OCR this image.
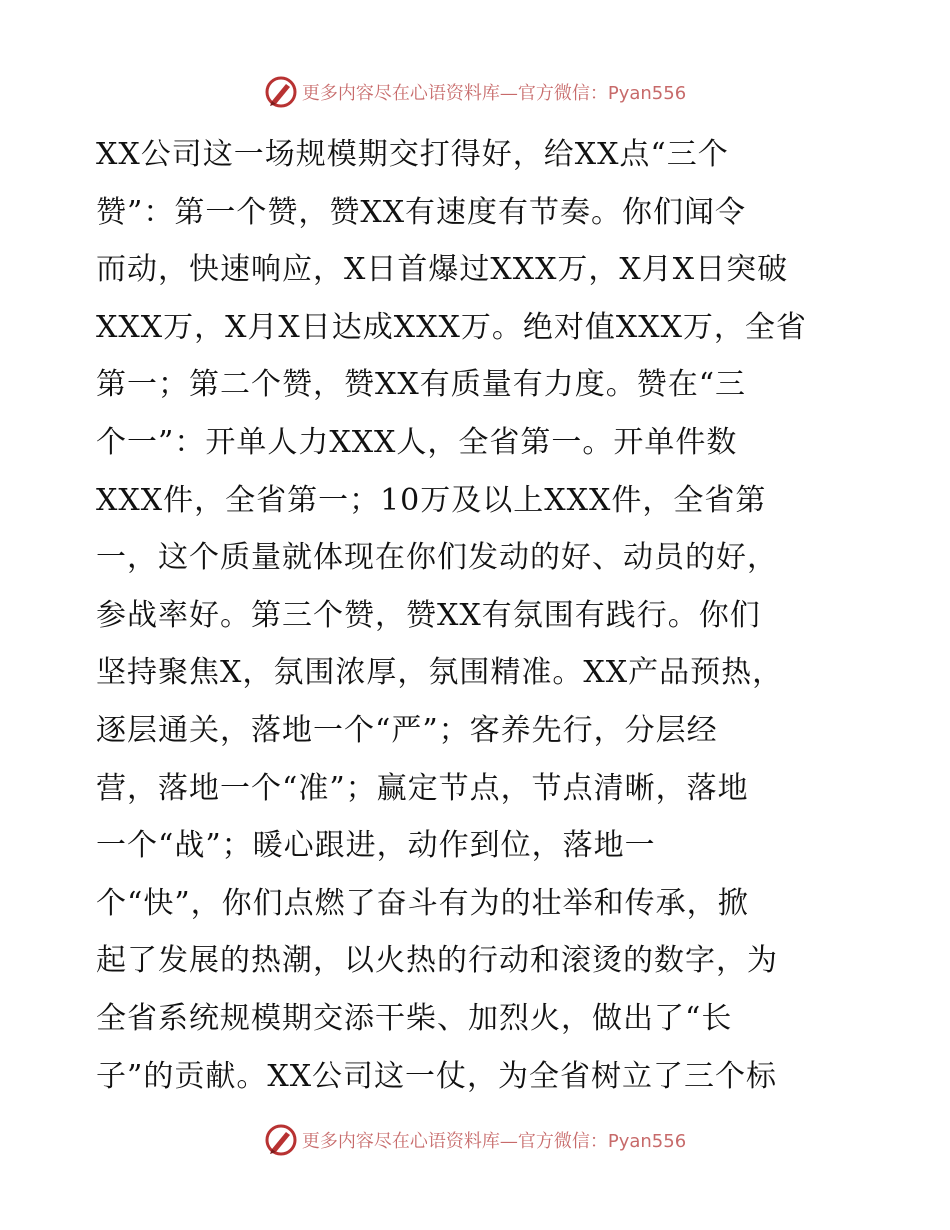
更多内容尽在心语资料库—官方微信：Pyan556
XX公司这一场规模期交打得好，给XX点“三个
赞”：第一个赞，赞XX有速度有节奏。你们闻令
而动，快速响应，X日首爆过XXX万，X月X日突破
XXX万，X月X日达成XXX万。绝对值XXX万，全省
第一；第二个赞，赞XX有质量有力度。赞在“三
个一”：开单人力XXX人，全省第一。开单件数
XXX件，全省第一；10万及以上XXX件，全省第
一，这个质量就体现在你们发动的好、动员的好，
参战率好。第三个赞，赞XX有氛围有践行。你们
坚持聚焦X，氛围浓厚，氛围精准。XX产品预热，
逐层通关，落地一个“严”；客养先行，分层经
营，落地一个“准”；赢定节点，节点清晰，落地
一个“战”；暖心跟进，动作到位，落地一
个“快”，你们点燃了奋斗有为的壮举和传承，掀
起了发展的热潮，以火热的行动和滚烫的数字，为
全省系统规模期交添干柴、加烈火，做出了“长
子”的贡献。XX公司这一仗，为全省树立了三个标
更多内容尽在心语资料库—官方微信：Pyan556
